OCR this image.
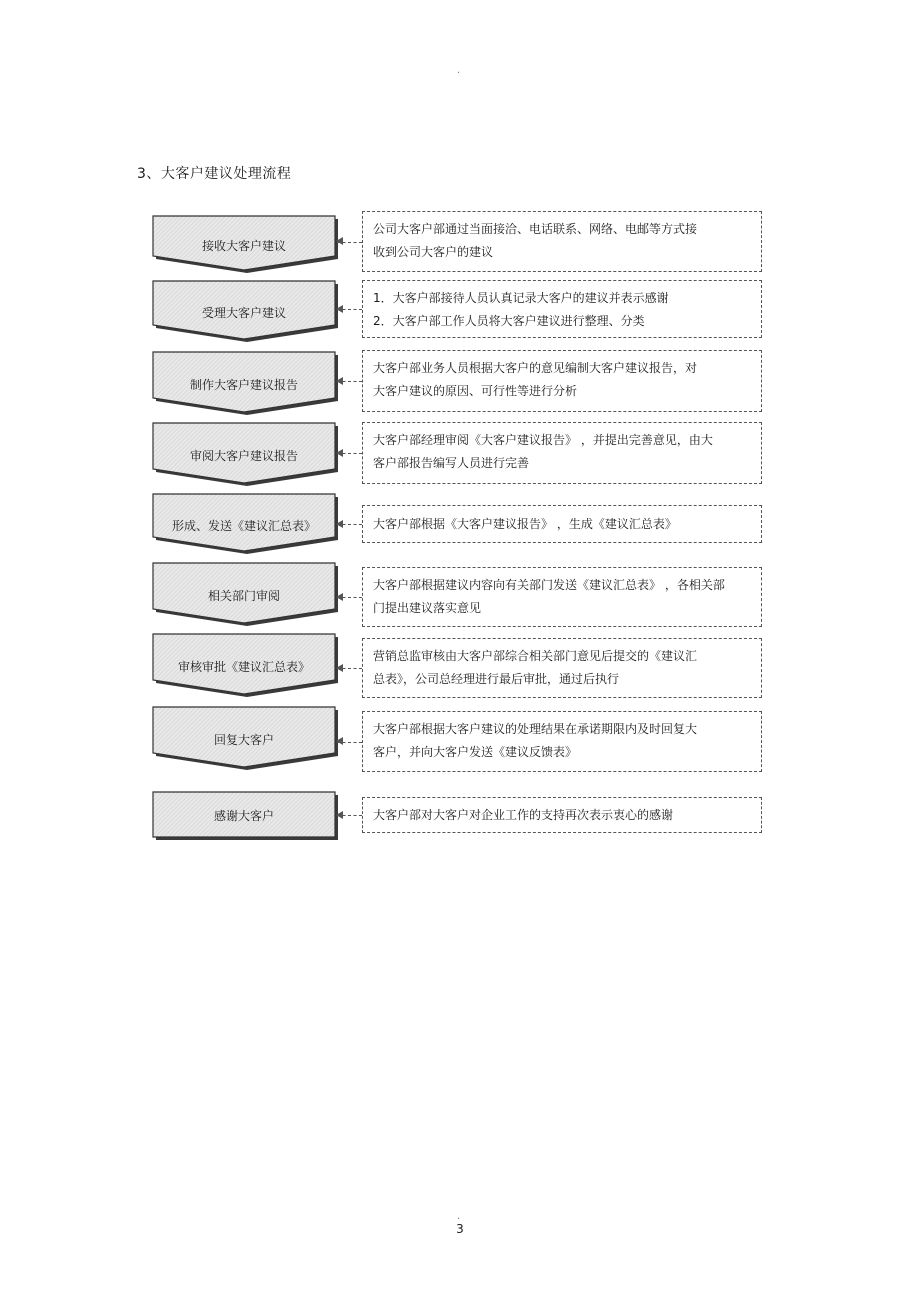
.
3、大客户建议处理流程
接收大客户建议
受理大客户建议
制作大客户建议报告
审阅大客户建议报告
形成、发送《建议汇总表》
相关部门审阅
审核审批《建议汇总表》
回复大客户
感谢大客户
公司大客户部通过当面接洽、电话联系、网络、电邮等方式接
收到公司大客户的建议
1．大客户部接待人员认真记录大客户的建议并表示感谢
2．大客户部工作人员将大客户建议进行整理、分类
大客户部业务人员根据大客户的意见编制大客户建议报告，对
大客户建议的原因、可行性等进行分析
大客户部经理审阅《大客户建议报告》 ，并提出完善意见，由大
客户部报告编写人员进行完善
大客户部根据《大客户建议报告》 ，生成《建议汇总表》
大客户部根据建议内容向有关部门发送《建议汇总表》 ，各相关部
门提出建议落实意见
营销总监审核由大客户部综合相关部门意见后提交的《建议汇
总表》，公司总经理进行最后审批，通过后执行
大客户部根据大客户建议的处理结果在承诺期限内及时回复大
客户，并向大客户发送《建议反馈表》
大客户部对大客户对企业工作的支持再次表示衷心的感谢
3
.
